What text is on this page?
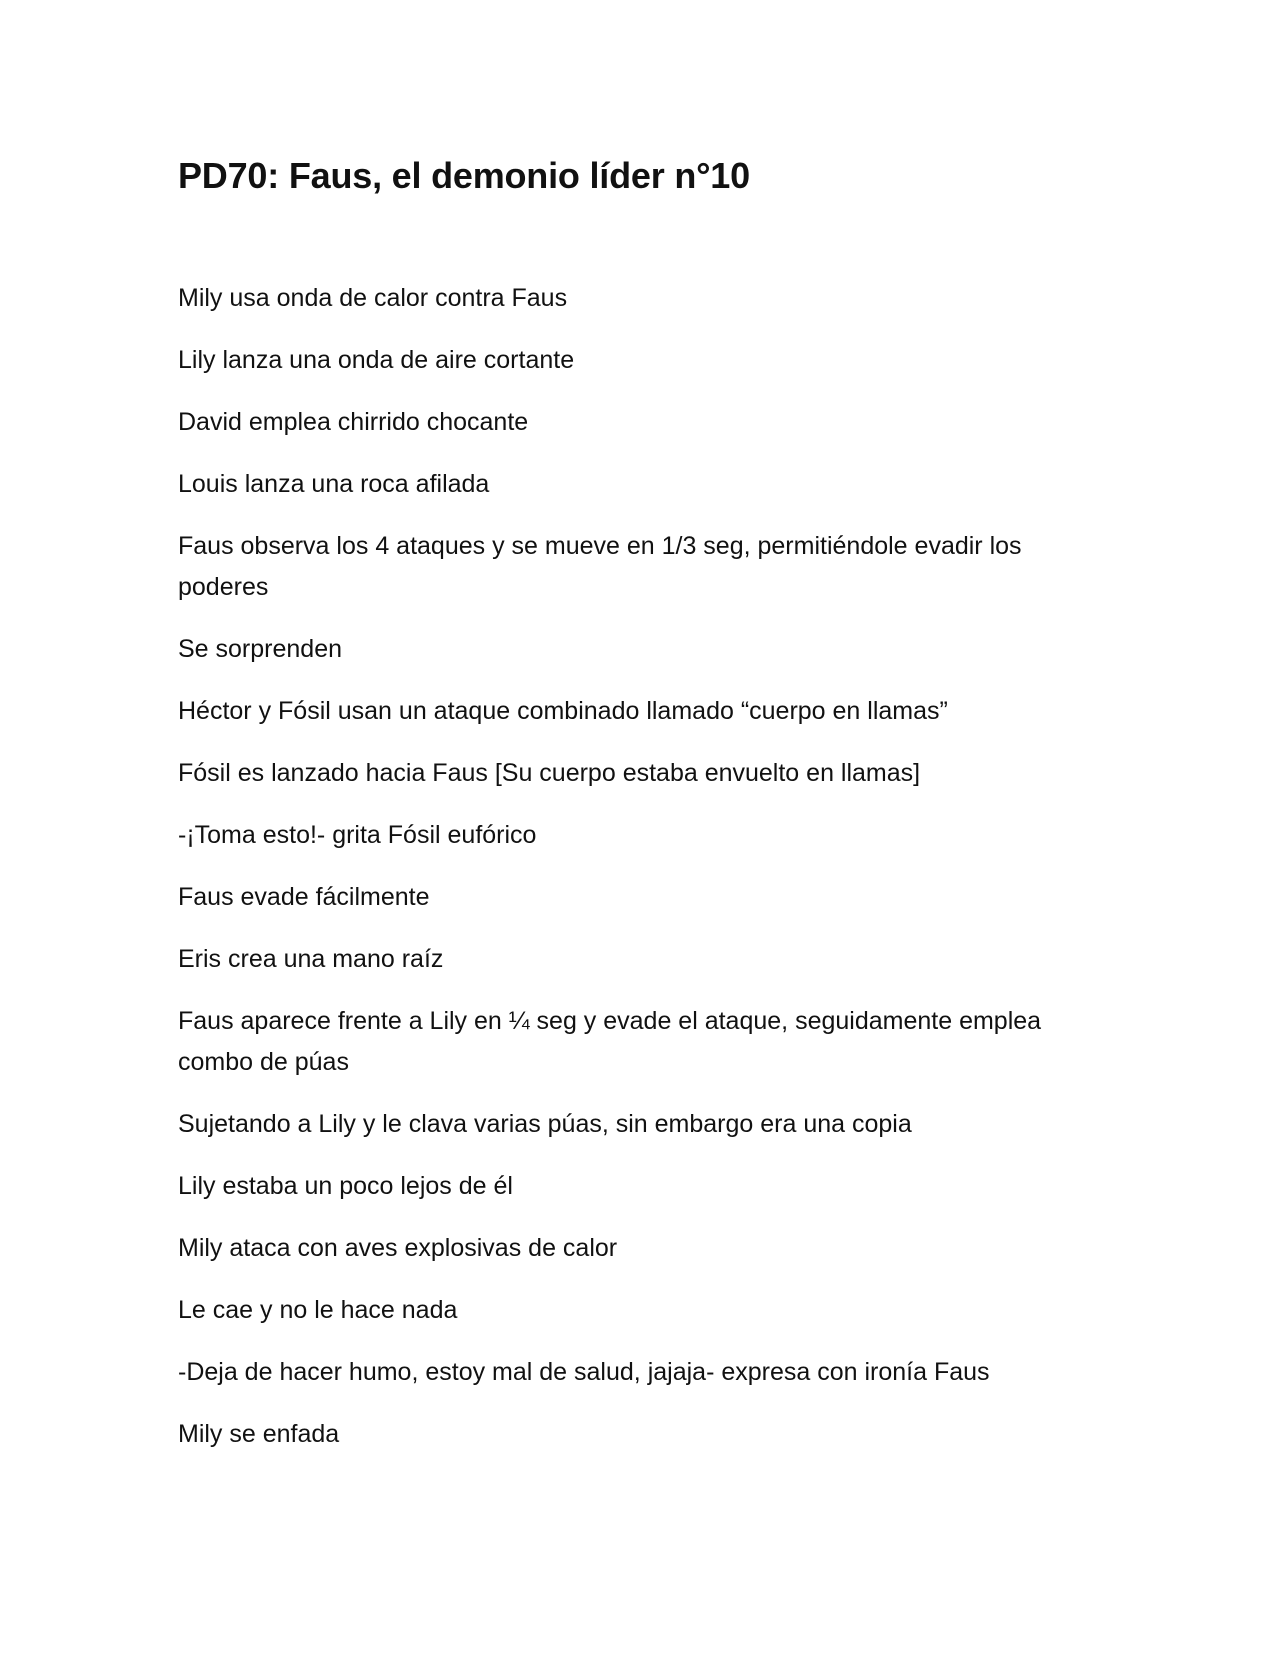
PD70: Faus, el demonio líder n°10

Mily usa onda de calor contra Faus

Lily lanza una onda de aire cortante

David emplea chirrido chocante

Louis lanza una roca afilada

Faus observa los 4 ataques y se mueve en 1/3 seg, permitiéndole evadir los poderes

Se sorprenden

Héctor y Fósil usan un ataque combinado llamado “cuerpo en llamas”

Fósil es lanzado hacia Faus [Su cuerpo estaba envuelto en llamas]

-¡Toma esto!- grita Fósil eufórico

Faus evade fácilmente

Eris crea una mano raíz

Faus aparece frente a Lily en ¼ seg y evade el ataque, seguidamente emplea combo de púas

Sujetando a Lily y le clava varias púas, sin embargo era una copia

Lily estaba un poco lejos de él

Mily ataca con aves explosivas de calor

Le cae y no le hace nada

-Deja de hacer humo, estoy mal de salud, jajaja- expresa con ironía Faus

Mily se enfada
